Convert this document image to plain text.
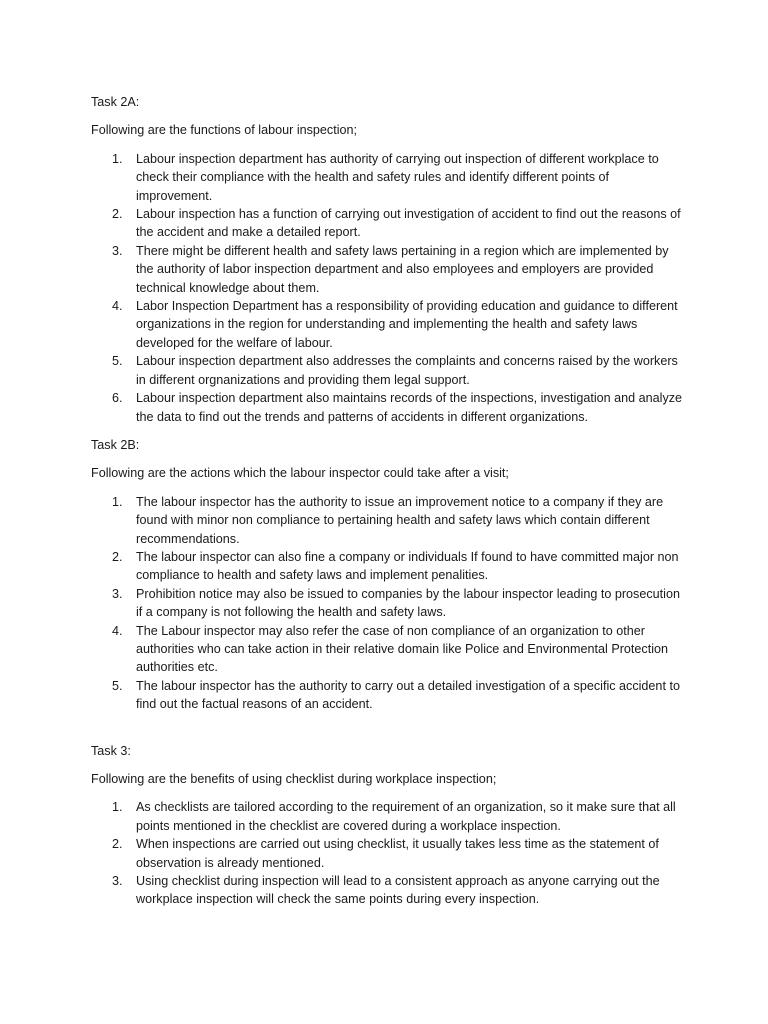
Task 2A:

Following are the functions of labour inspection;

1.	Labour inspection department has authority of carrying out inspection of different workplace to check their compliance with the health and safety rules and identify different points of improvement.
2.	Labour inspection has a function of carrying out investigation of accident to find out the reasons of the accident and make a detailed report.
3.	There might be different health and safety laws pertaining in a region which are implemented by the authority of labor inspection department and also employees and employers are provided technical knowledge about them.
4.	Labor Inspection Department has a responsibility of providing education and guidance to different organizations in the region for understanding and implementing the health and safety laws developed for the welfare of labour.
5.	Labour inspection department also addresses the complaints and concerns raised by the workers in different orgnanizations and providing them legal support.
6.	Labour inspection department also maintains records of the inspections, investigation and analyze the data to find out the trends and patterns of accidents in different organizations.

Task 2B:

Following are the actions which the labour inspector could take after a visit;

1.	The labour inspector has the authority to issue an improvement notice to a company if they are found with minor non compliance to pertaining health and safety laws which contain different recommendations.
2.	The labour inspector can also fine a company or individuals If found to have committed major non compliance to health and safety laws and implement penalities.
3.	Prohibition notice may also be issued to companies by the labour inspector leading to prosecution if a company is not following the health and safety laws.
4.	The Labour inspector may also refer the case of non compliance of an organization to other authorities who can take action in their relative domain like Police and Environmental Protection authorities etc.
5.	The labour inspector has the authority to carry out a detailed investigation of a specific accident to find out the factual reasons of an accident.

Task 3:

Following are the benefits of using checklist during workplace inspection;

1.	As checklists are tailored according to the requirement of an organization, so it make sure that all points mentioned in the checklist are covered during a workplace inspection.
2.	When inspections are carried out using checklist, it usually takes less time as the statement of observation is already mentioned.
3.	Using checklist during inspection will lead to a consistent approach as anyone carrying out the workplace inspection will check the same points during every inspection.
